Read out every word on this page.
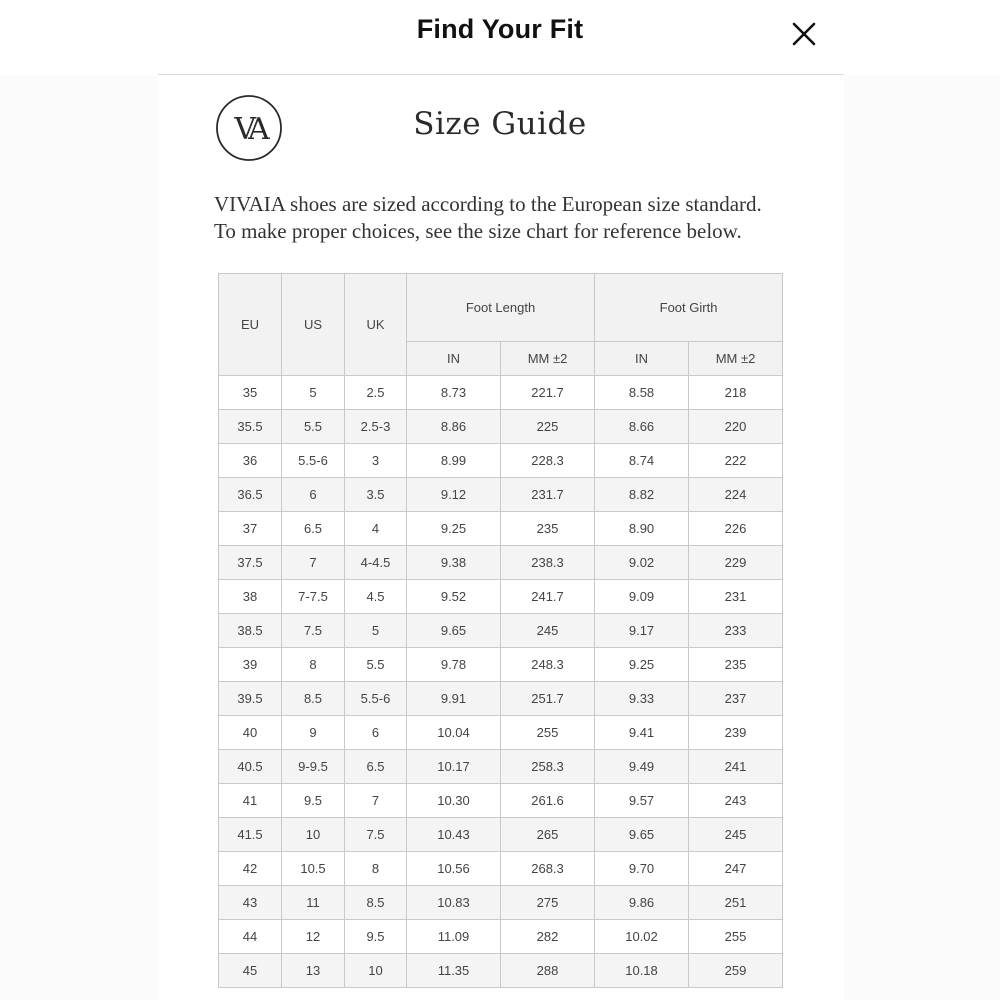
Find Your Fit
VA	Size Guide
VIVAIA shoes are sized according to the European size standard.
To make proper choices, see the size chart for reference below.
EU	US	UK	Foot Length		Foot Girth	
			IN	MM ±2	IN	MM ±2
35	5	2.5	8.73	221.7	8.58	218
35.5	5.5	2.5-3	8.86	225	8.66	220
36	5.5-6	3	8.99	228.3	8.74	222
36.5	6	3.5	9.12	231.7	8.82	224
37	6.5	4	9.25	235	8.90	226
37.5	7	4-4.5	9.38	238.3	9.02	229
38	7-7.5	4.5	9.52	241.7	9.09	231
38.5	7.5	5	9.65	245	9.17	233
39	8	5.5	9.78	248.3	9.25	235
39.5	8.5	5.5-6	9.91	251.7	9.33	237
40	9	6	10.04	255	9.41	239
40.5	9-9.5	6.5	10.17	258.3	9.49	241
41	9.5	7	10.30	261.6	9.57	243
41.5	10	7.5	10.43	265	9.65	245
42	10.5	8	10.56	268.3	9.70	247
43	11	8.5	10.83	275	9.86	251
44	12	9.5	11.09	282	10.02	255
45	13	10	11.35	288	10.18	259
